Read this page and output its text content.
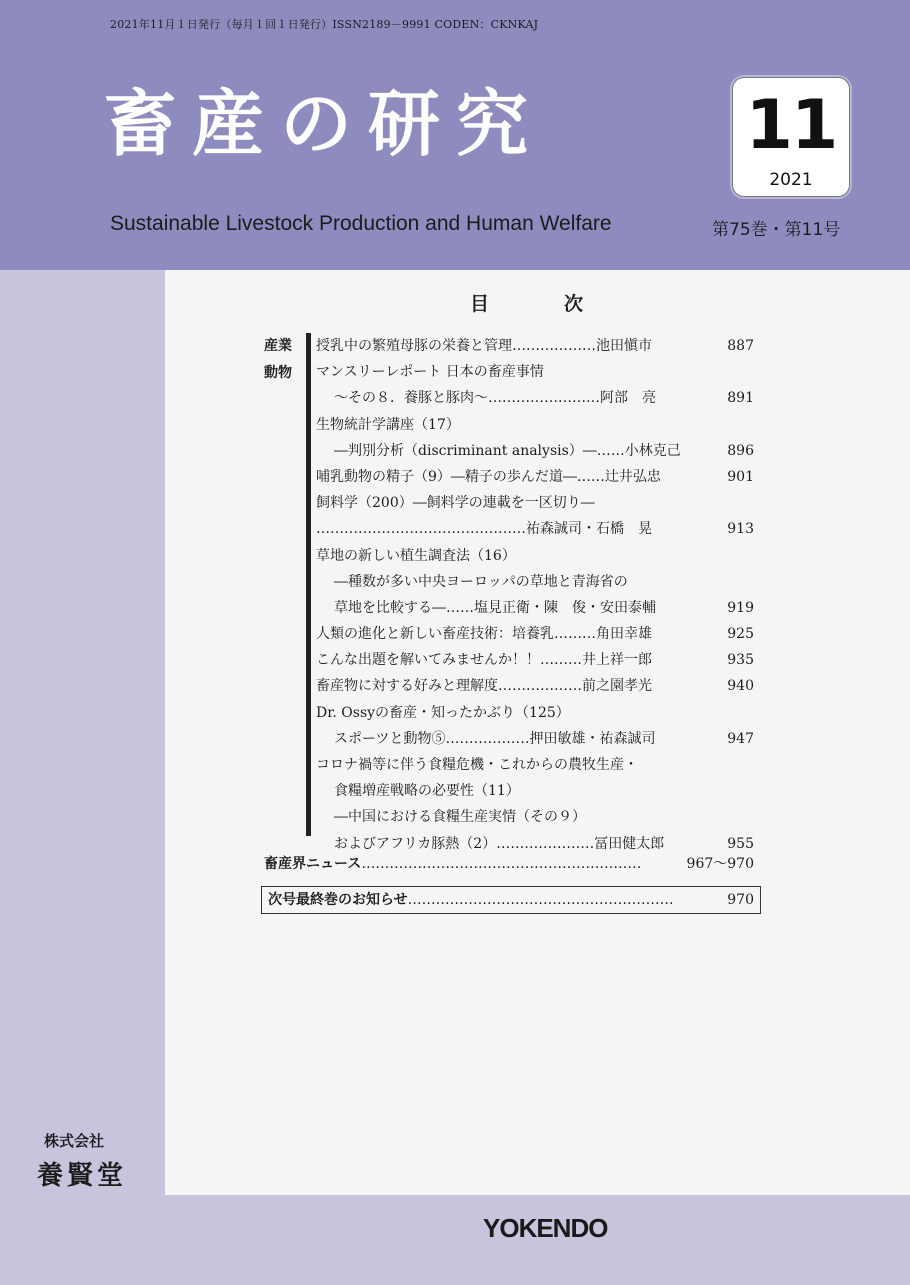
2021年11月１日発行（毎月１回１日発行）ISSN2189－9991 CODEN：CKNKAJ
畜産の研究
Sustainable Livestock Production and Human Welfare
11
2021
第75巻・第11号
目　次
産業
動物
授乳中の繁殖母豚の栄養と管理………………池田愼市	887
マンスリーレポート 日本の畜産事情
～その８．養豚と豚肉～……………………阿部　亮	891
生物統計学講座（17）
―判別分析（discriminant analysis）―……小林克己	896
哺乳動物の精子（9）―精子の歩んだ道―……辻井弘忠	901
飼料学（200）―飼料学の連載を一区切り―
………………………………………祐森誠司・石橋　晃	913
草地の新しい植生調査法（16）
―種数が多い中央ヨーロッパの草地と青海省の
草地を比較する―……塩見正衛・陳　俊・安田泰輔	919
人類の進化と新しい畜産技術：培養乳………角田幸雄	925
こんな出題を解いてみませんか！！………井上祥一郎	935
畜産物に対する好みと理解度………………前之園孝光	940
Dr. Ossyの畜産・知ったかぶり（125）
スポーツと動物⑤………………押田敏雄・祐森誠司	947
コロナ禍等に伴う食糧危機・これからの農牧生産・
食糧増産戦略の必要性（11）
―中国における食糧生産実情（その９）
およびアフリカ豚熱（2）…………………冨田健太郎	955
畜産界ニュース……………………………………………………	967～970
次号最終巻のお知らせ…………………………………………………	970
株式会社
養賢堂
YOKENDO
